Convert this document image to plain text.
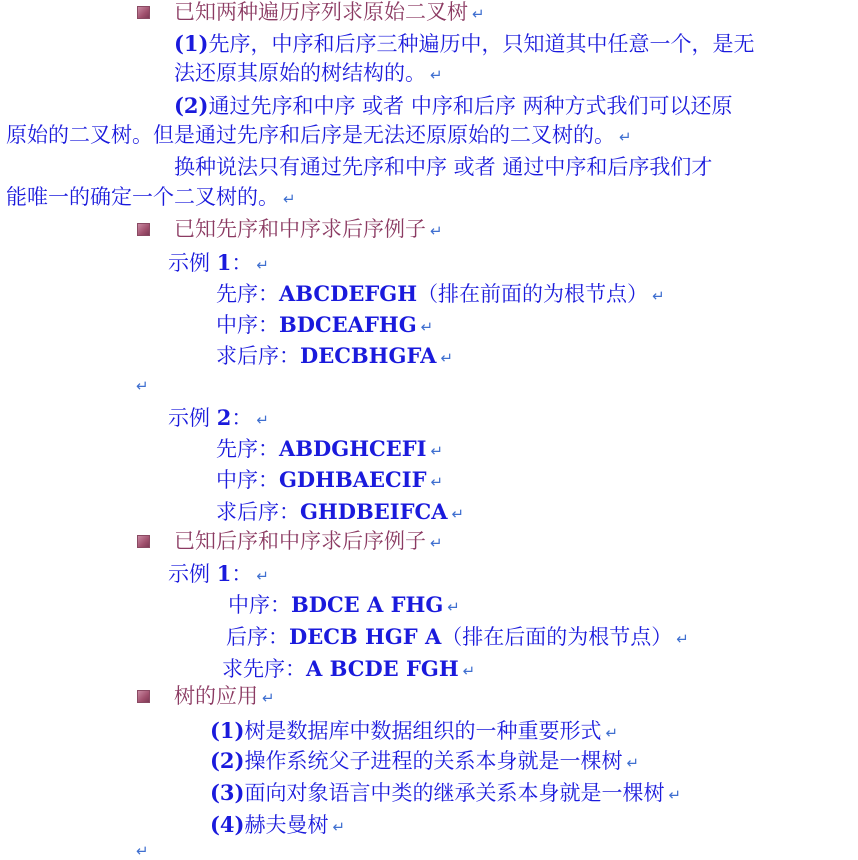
已知两种遍历序列求原始二叉树 ↵
(1)先序，中序和后序三种遍历中，只知道其中任意一个，是无
法还原其原始的树结构的。 ↵
(2)通过先序和中序 或者 中序和后序 两种方式我们可以还原
原始的二叉树。但是通过先序和后序是无法还原原始的二叉树的。 ↵
换种说法只有通过先序和中序 或者 通过中序和后序我们才
能唯一的确定一个二叉树的。 ↵
已知先序和中序求后序例子 ↵
示例 1： ↵
先序：ABCDEFGH（排在前面的为根节点） ↵
中序：BDCEAFHG ↵
求后序：DECBHGFA ↵
↵
示例 2： ↵
先序：ABDGHCEFI ↵
中序：GDHBAECIF ↵
求后序：GHDBEIFCA ↵
已知后序和中序求后序例子 ↵
示例 1： ↵
中序：BDCE A FHG ↵
后序：DECB HGF A（排在后面的为根节点） ↵
求先序：A BCDE FGH ↵
树的应用 ↵
(1)树是数据库中数据组织的一种重要形式 ↵
(2)操作系统父子进程的关系本身就是一棵树 ↵
(3)面向对象语言中类的继承关系本身就是一棵树 ↵
(4)赫夫曼树 ↵
↵
